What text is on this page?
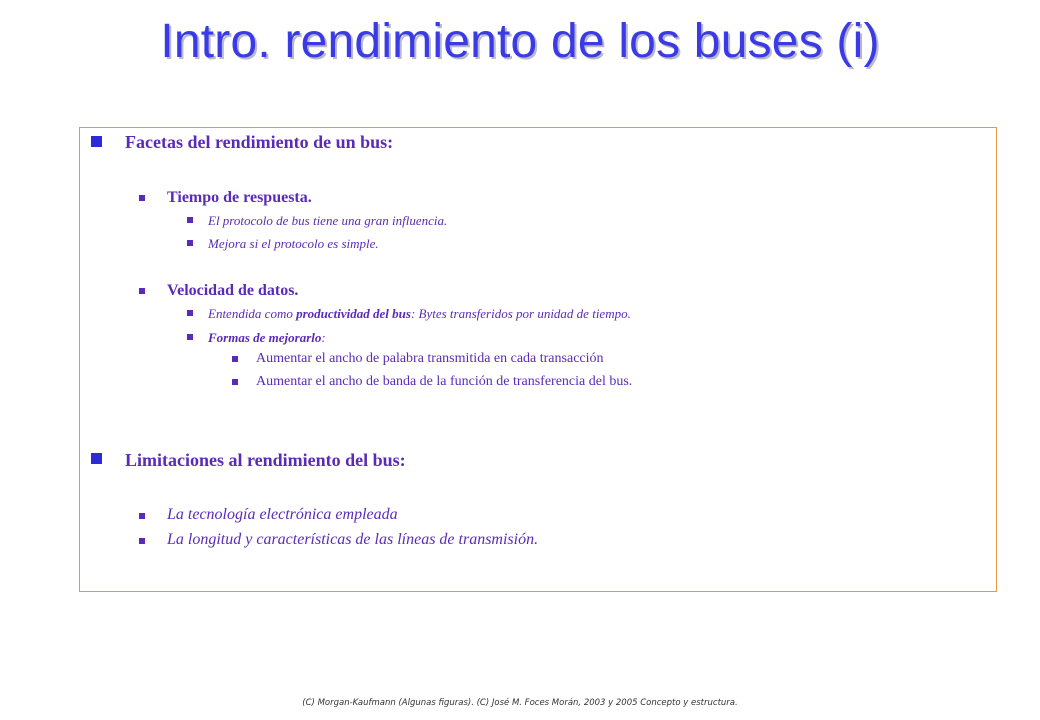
Intro. rendimiento de los buses (i)
Facetas del rendimiento de un bus:
Tiempo de respuesta.
El protocolo de bus tiene una gran influencia.
Mejora si el protocolo es simple.
Velocidad de datos.
Entendida como productividad del bus: Bytes transferidos por unidad de tiempo.
Formas de mejorarlo:
Aumentar el ancho de palabra transmitida en cada transacción
Aumentar el ancho de banda de la función de transferencia del bus.
Limitaciones al rendimiento del bus:
La tecnología electrónica empleada
La longitud y características de las líneas de transmisión.
(C) Morgan-Kaufmann (Algunas figuras). (C) José M. Foces Morán, 2003 y 2005 Concepto y estructura.
